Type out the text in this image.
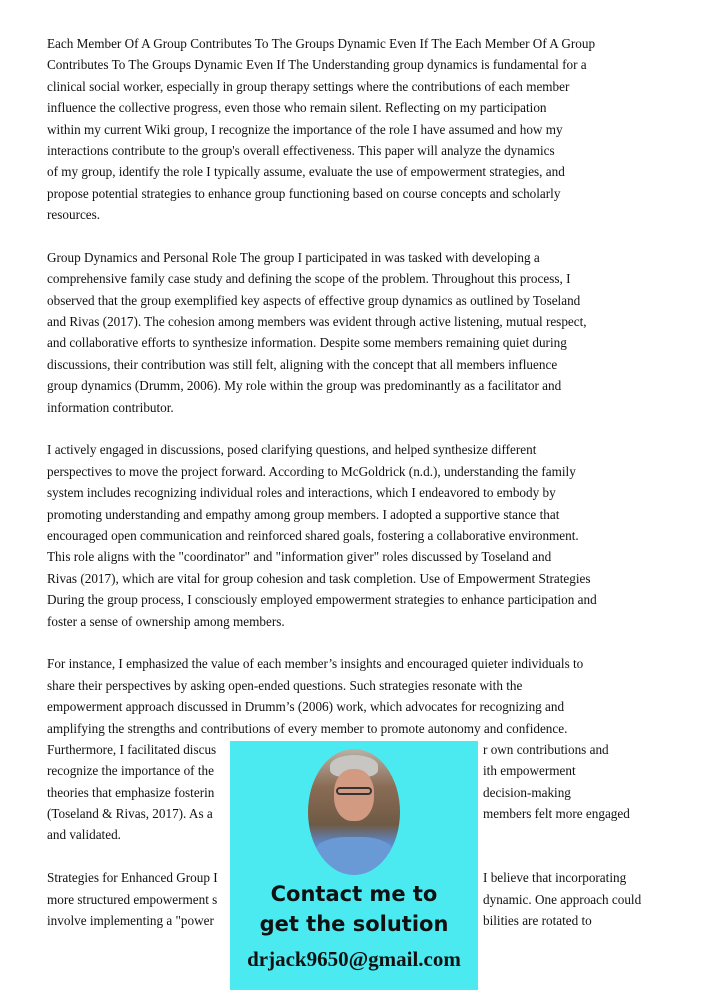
Each Member Of A Group Contributes To The Groups Dynamic Even If The Each Member Of A Group
Contributes To The Groups Dynamic Even If The Understanding group dynamics is fundamental for a
clinical social worker, especially in group therapy settings where the contributions of each member
influence the collective progress, even those who remain silent. Reflecting on my participation
within my current Wiki group, I recognize the importance of the role I have assumed and how my
interactions contribute to the group's overall effectiveness. This paper will analyze the dynamics
of my group, identify the role I typically assume, evaluate the use of empowerment strategies, and
propose potential strategies to enhance group functioning based on course concepts and scholarly
resources.
Group Dynamics and Personal Role The group I participated in was tasked with developing a
comprehensive family case study and defining the scope of the problem. Throughout this process, I
observed that the group exemplified key aspects of effective group dynamics as outlined by Toseland
and Rivas (2017). The cohesion among members was evident through active listening, mutual respect,
and collaborative efforts to synthesize information. Despite some members remaining quiet during
discussions, their contribution was still felt, aligning with the concept that all members influence
group dynamics (Drumm, 2006). My role within the group was predominantly as a facilitator and
information contributor.
I actively engaged in discussions, posed clarifying questions, and helped synthesize different
perspectives to move the project forward. According to McGoldrick (n.d.), understanding the family
system includes recognizing individual roles and interactions, which I endeavored to embody by
promoting understanding and empathy among group members. I adopted a supportive stance that
encouraged open communication and reinforced shared goals, fostering a collaborative environment.
This role aligns with the "coordinator" and "information giver" roles discussed by Toseland and
Rivas (2017), which are vital for group cohesion and task completion. Use of Empowerment Strategies
During the group process, I consciously employed empowerment strategies to enhance participation and
foster a sense of ownership among members.
For instance, I emphasized the value of each member’s insights and encouraged quieter individuals to
share their perspectives by asking open-ended questions. Such strategies resonate with the
empowerment approach discussed in Drumm’s (2006) work, which advocates for recognizing and
amplifying the strengths and contributions of every member to promote autonomy and confidence.
Furthermore, I facilitated discus	r own contributions and
recognize the importance of the	ith empowerment
theories that emphasize fosterin	decision-making
(Toseland & Rivas, 2017). As a	members felt more engaged
and validated.
Strategies for Enhanced Group I	I believe that incorporating
more structured empowerment s	dynamic. One approach could
involve implementing a "power	bilities are rotated to
Contact me to
get the solution
drjack9650@gmail.com
